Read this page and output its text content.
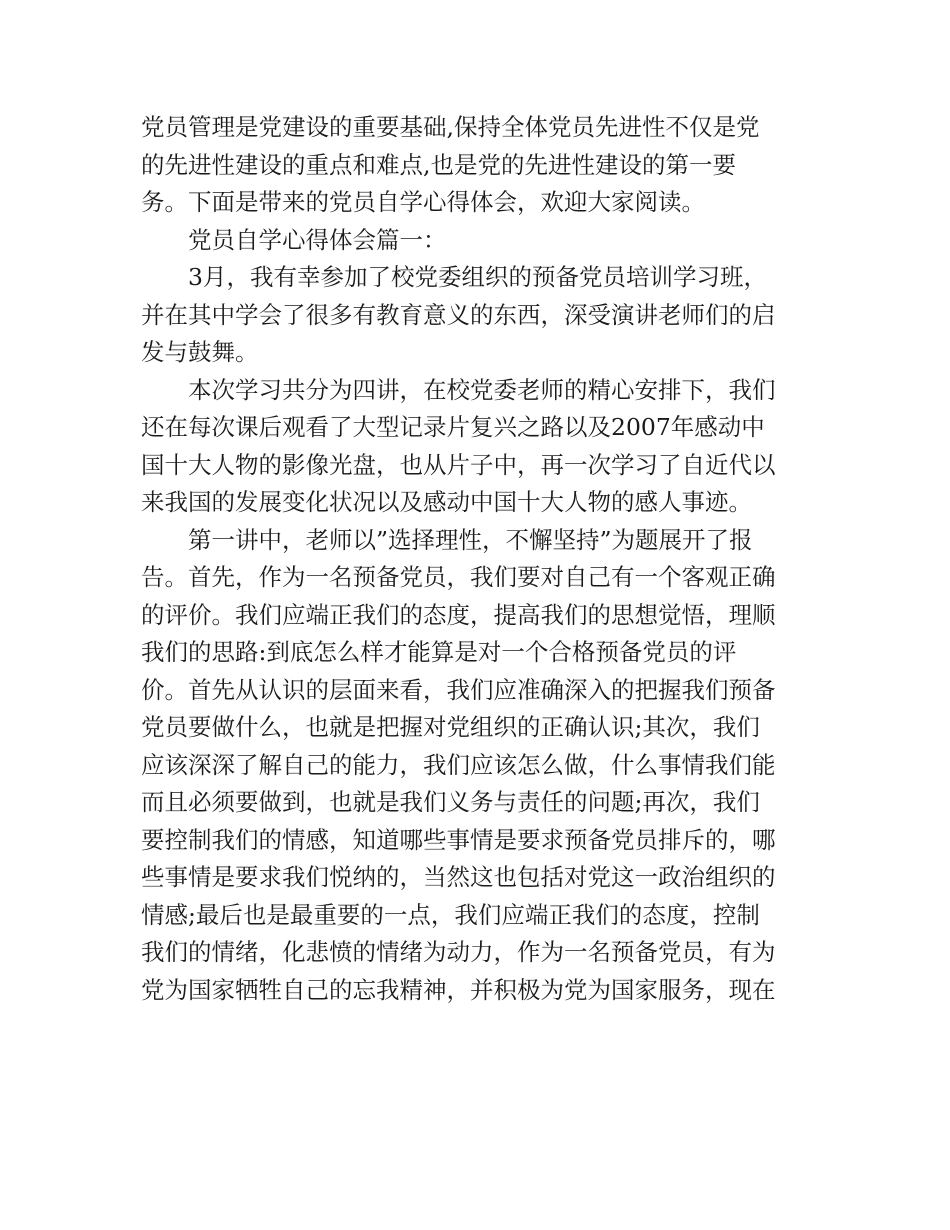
党员管理是党建设的重要基础,保持全体党员先进性不仅是党
的先进性建设的重点和难点,也是党的先进性建设的第一要
务。下面是带来的党员自学心得体会，欢迎大家阅读。
党员自学心得体会篇一：
3月，我有幸参加了校党委组织的预备党员培训学习班，
并在其中学会了很多有教育意义的东西，深受演讲老师们的启
发与鼓舞。
本次学习共分为四讲，在校党委老师的精心安排下，我们
还在每次课后观看了大型记录片复兴之路以及2007年感动中
国十大人物的影像光盘，也从片子中，再一次学习了自近代以
来我国的发展变化状况以及感动中国十大人物的感人事迹。
第一讲中，老师以”选择理性，不懈坚持”为题展开了报
告。首先，作为一名预备党员，我们要对自己有一个客观正确
的评价。我们应端正我们的态度，提高我们的思想觉悟，理顺
我们的思路:到底怎么样才能算是对一个合格预备党员的评
价。首先从认识的层面来看，我们应准确深入的把握我们预备
党员要做什么，也就是把握对党组织的正确认识;其次，我们
应该深深了解自己的能力，我们应该怎么做，什么事情我们能
而且必须要做到，也就是我们义务与责任的问题;再次，我们
要控制我们的情感，知道哪些事情是要求预备党员排斥的，哪
些事情是要求我们悦纳的，当然这也包括对党这一政治组织的
情感;最后也是最重要的一点，我们应端正我们的态度，控制
我们的情绪，化悲愤的情绪为动力，作为一名预备党员，有为
党为国家牺牲自己的忘我精神，并积极为党为国家服务，现在
